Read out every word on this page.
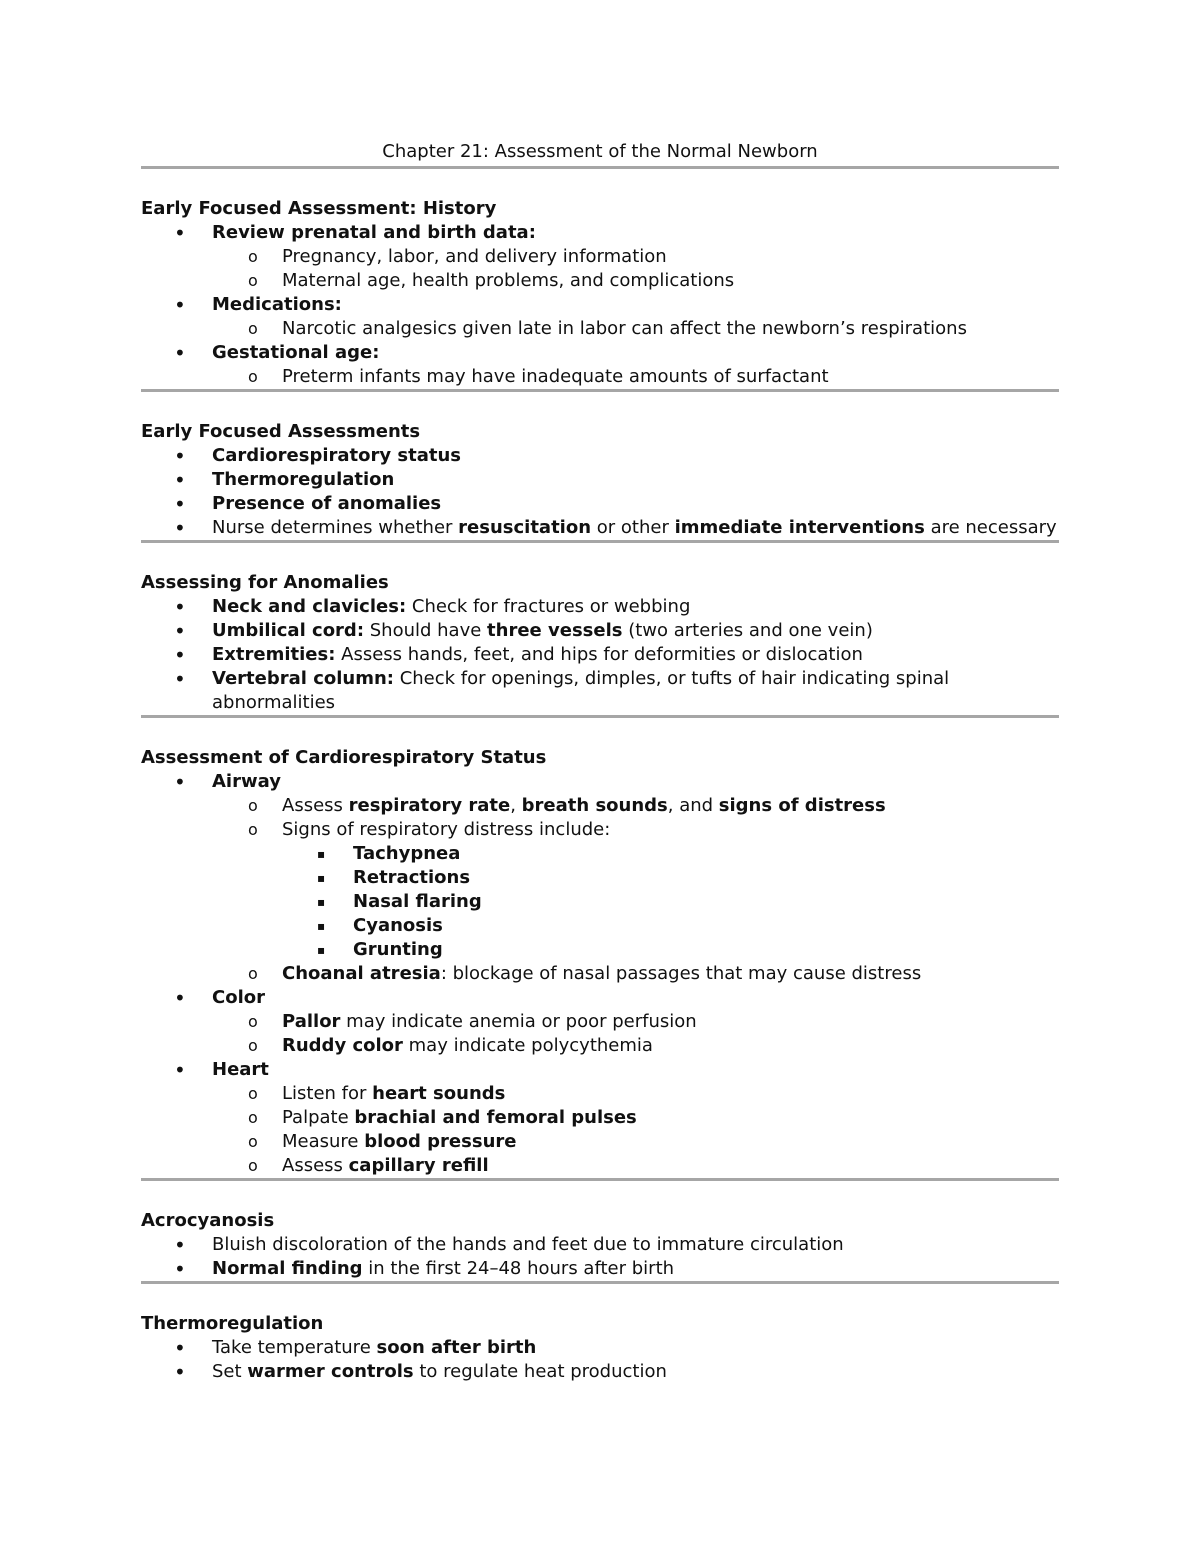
Chapter 21: Assessment of the Normal Newborn
Early Focused Assessment: History
• Review prenatal and birth data:
o Pregnancy, labor, and delivery information
o Maternal age, health problems, and complications
• Medications:
o Narcotic analgesics given late in labor can affect the newborn’s respirations
• Gestational age:
o Preterm infants may have inadequate amounts of surfactant
Early Focused Assessments
• Cardiorespiratory status
• Thermoregulation
• Presence of anomalies
• Nurse determines whether resuscitation or other immediate interventions are necessary
Assessing for Anomalies
• Neck and clavicles: Check for fractures or webbing
• Umbilical cord: Should have three vessels (two arteries and one vein)
• Extremities: Assess hands, feet, and hips for deformities or dislocation
• Vertebral column: Check for openings, dimples, or tufts of hair indicating spinal
abnormalities
Assessment of Cardiorespiratory Status
• Airway
o Assess respiratory rate, breath sounds, and signs of distress
o Signs of respiratory distress include:
▪ Tachypnea
▪ Retractions
▪ Nasal flaring
▪ Cyanosis
▪ Grunting
o Choanal atresia: blockage of nasal passages that may cause distress
• Color
o Pallor may indicate anemia or poor perfusion
o Ruddy color may indicate polycythemia
• Heart
o Listen for heart sounds
o Palpate brachial and femoral pulses
o Measure blood pressure
o Assess capillary refill
Acrocyanosis
• Bluish discoloration of the hands and feet due to immature circulation
• Normal finding in the first 24–48 hours after birth
Thermoregulation
• Take temperature soon after birth
• Set warmer controls to regulate heat production
